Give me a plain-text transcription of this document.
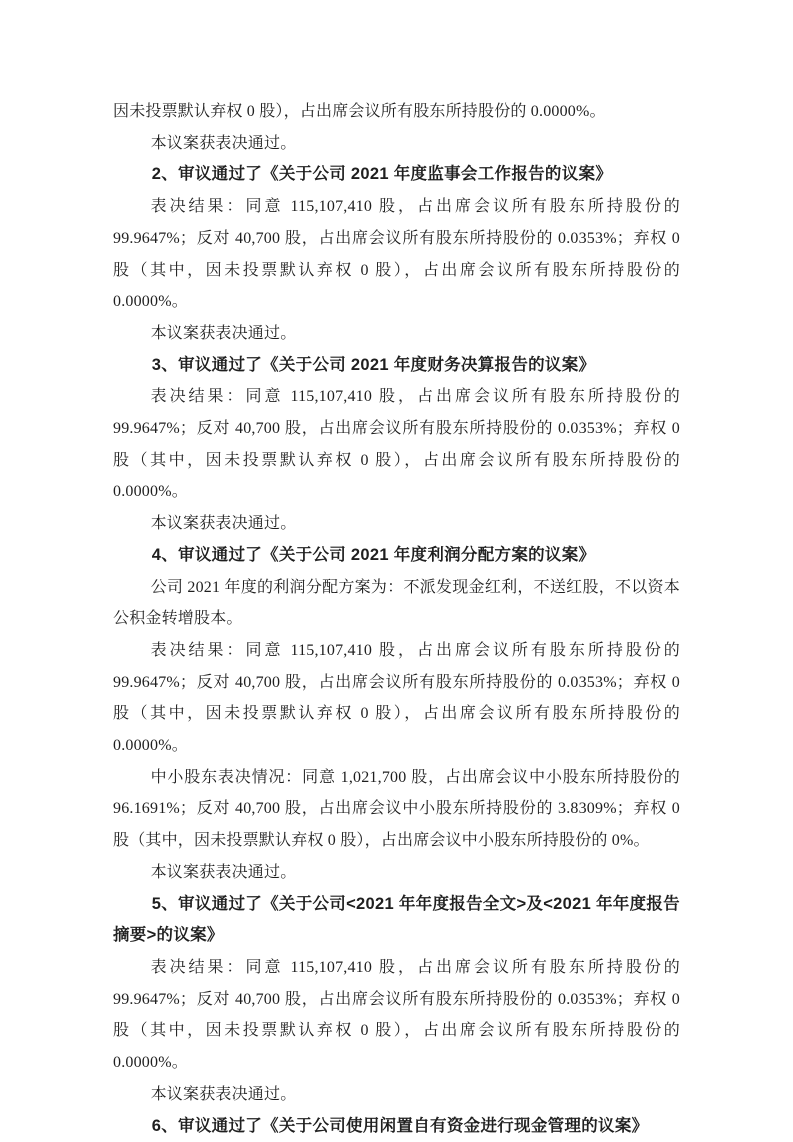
因未投票默认弃权 0 股），占出席会议所有股东所持股份的 0.0000%。

本议案获表决通过。

2、审议通过了《关于公司 2021 年度监事会工作报告的议案》

表决结果：同意 115,107,410 股，占出席会议所有股东所持股份的 99.9647%；反对 40,700 股，占出席会议所有股东所持股份的 0.0353%；弃权 0 股（其中，因未投票默认弃权 0 股），占出席会议所有股东所持股份的 0.0000%。

本议案获表决通过。

3、审议通过了《关于公司 2021 年度财务决算报告的议案》

表决结果：同意 115,107,410 股，占出席会议所有股东所持股份的 99.9647%；反对 40,700 股，占出席会议所有股东所持股份的 0.0353%；弃权 0 股（其中，因未投票默认弃权 0 股），占出席会议所有股东所持股份的 0.0000%。

本议案获表决通过。

4、审议通过了《关于公司 2021 年度利润分配方案的议案》

公司 2021 年度的利润分配方案为：不派发现金红利，不送红股，不以资本公积金转增股本。

表决结果：同意 115,107,410 股，占出席会议所有股东所持股份的 99.9647%；反对 40,700 股，占出席会议所有股东所持股份的 0.0353%；弃权 0 股（其中，因未投票默认弃权 0 股），占出席会议所有股东所持股份的 0.0000%。

中小股东表决情况：同意 1,021,700 股，占出席会议中小股东所持股份的 96.1691%；反对 40,700 股，占出席会议中小股东所持股份的 3.8309%；弃权 0 股（其中，因未投票默认弃权 0 股），占出席会议中小股东所持股份的 0%。

本议案获表决通过。

5、审议通过了《关于公司<2021 年年度报告全文>及<2021 年年度报告摘要>的议案》

表决结果：同意 115,107,410 股，占出席会议所有股东所持股份的 99.9647%；反对 40,700 股，占出席会议所有股东所持股份的 0.0353%；弃权 0 股（其中，因未投票默认弃权 0 股），占出席会议所有股东所持股份的 0.0000%。

本议案获表决通过。

6、审议通过了《关于公司使用闲置自有资金进行现金管理的议案》
